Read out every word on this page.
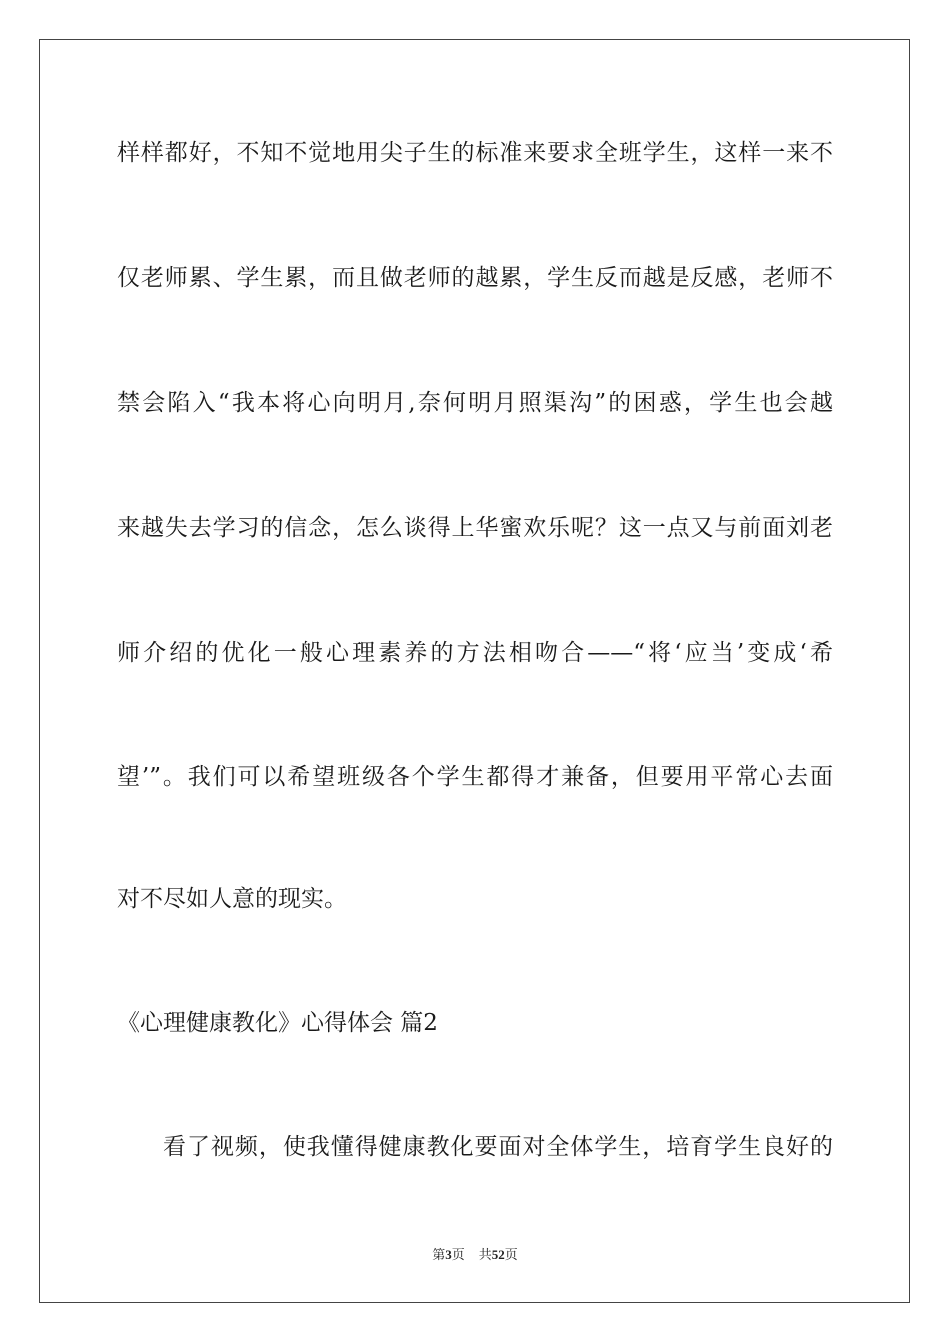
样样都好，不知不觉地用尖子生的标准来要求全班学生，这样一来不
仅老师累、学生累，而且做老师的越累，学生反而越是反感，老师不
禁会陷入“我本将心向明月,奈何明月照渠沟”的困惑，学生也会越
来越失去学习的信念，怎么谈得上华蜜欢乐呢？这一点又与前面刘老
师介绍的优化一般心理素养的方法相吻合——“将‘应当’变成‘希
望’”。我们可以希望班级各个学生都得才兼备，但要用平常心去面
对不尽如人意的现实。
《心理健康教化》心得体会 篇2
看了视频，使我懂得健康教化要面对全体学生，培育学生良好的
第3页 共52页
